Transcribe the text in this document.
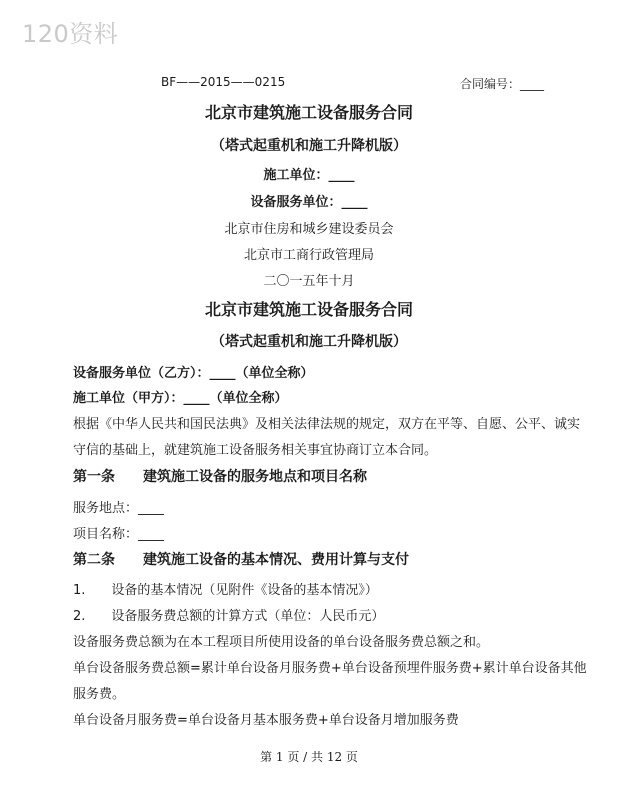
120资料
BF——2015——0215	合同编号：____
北京市建筑施工设备服务合同
（塔式起重机和施工升降机版）
施工单位：____
设备服务单位：____
北京市住房和城乡建设委员会
北京市工商行政管理局
二〇一五年十月
北京市建筑施工设备服务合同
（塔式起重机和施工升降机版）
设备服务单位（乙方）：____（单位全称）
施工单位（甲方）：____（单位全称）
根据《中华人民共和国民法典》及相关法律法规的规定，双方在平等、自愿、公平、诚实
守信的基础上，就建筑施工设备服务相关事宜协商订立本合同。
第一条　　建筑施工设备的服务地点和项目名称
服务地点：____
项目名称：____
第二条　　建筑施工设备的基本情况、费用计算与支付
1.　　设备的基本情况（见附件《设备的基本情况》）
2.　　设备服务费总额的计算方式（单位：人民币元）
设备服务费总额为在本工程项目所使用设备的单台设备服务费总额之和。
单台设备服务费总额=累计单台设备月服务费+单台设备预埋件服务费+累计单台设备其他
服务费。
单台设备月服务费=单台设备月基本服务费+单台设备月增加服务费
第 1 页 / 共 12 页
